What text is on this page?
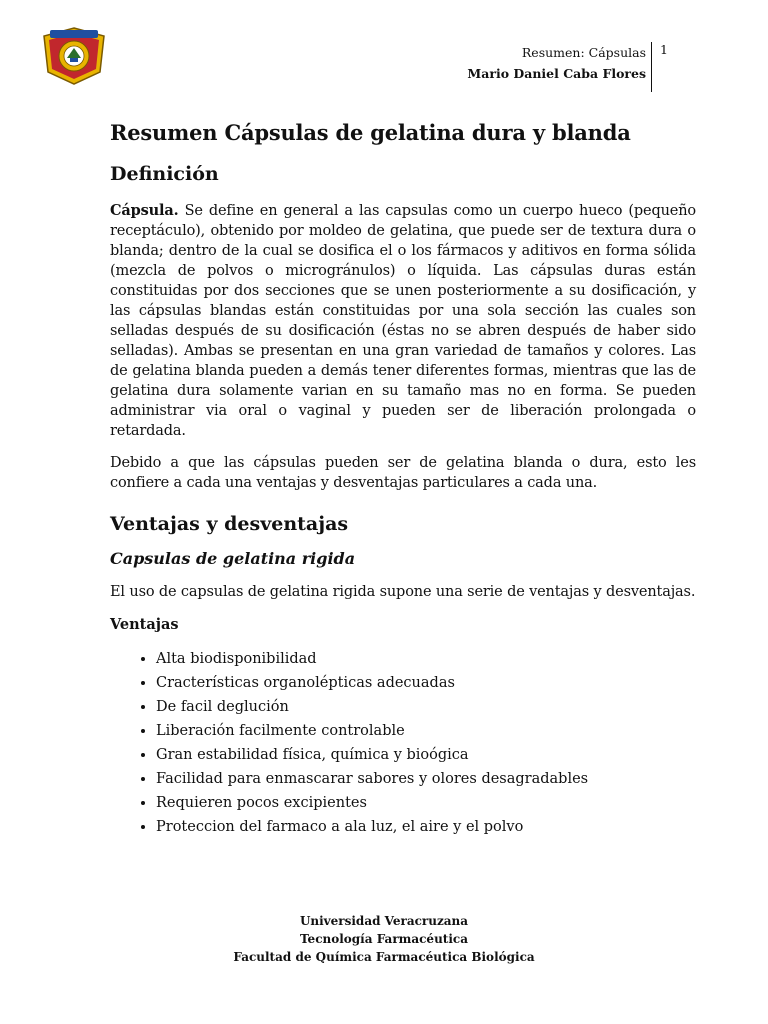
Resumen: Cápsulas
Mario Daniel Caba Flores
1
Resumen Cápsulas de gelatina dura y blanda
Definición

Cápsula. Se define en general a las capsulas como un cuerpo hueco (pequeño receptáculo), obtenido por moldeo de gelatina, que puede ser de textura dura o blanda; dentro de la cual se dosifica el o los fármacos y aditivos en forma sólida (mezcla de polvos o microgránulos) o líquida. Las cápsulas duras están constituidas por dos secciones que se unen posteriormente a su dosificación, y las cápsulas blandas están constituidas por una sola sección las cuales son selladas después de su dosificación (éstas no se abren después de haber sido selladas). Ambas se presentan en una gran variedad de tamaños y colores. Las de gelatina blanda pueden a demás tener diferentes formas, mientras que las de gelatina dura solamente varian en su tamaño mas no en forma. Se pueden administrar via oral o vaginal y pueden ser de liberación prolongada o retardada.

Debido a que las cápsulas pueden ser de gelatina blanda o dura, esto les confiere a cada una ventajas y desventajas particulares a cada una.

Ventajas y desventajas
Capsulas de gelatina rigida

El uso de capsulas de gelatina rigida supone una serie de ventajas y desventajas.

Ventajas
• Alta biodisponibilidad
• Cracterísticas organolépticas adecuadas
• De facil deglución
• Liberación facilmente controlable
• Gran estabilidad física, química y bioógica
• Facilidad para enmascarar sabores y olores desagradables
• Requieren pocos excipientes
• Proteccion del farmaco a ala luz, el aire y el polvo
Universidad Veracruzana
Tecnología Farmacéutica
Facultad de Química Farmacéutica Biológica
